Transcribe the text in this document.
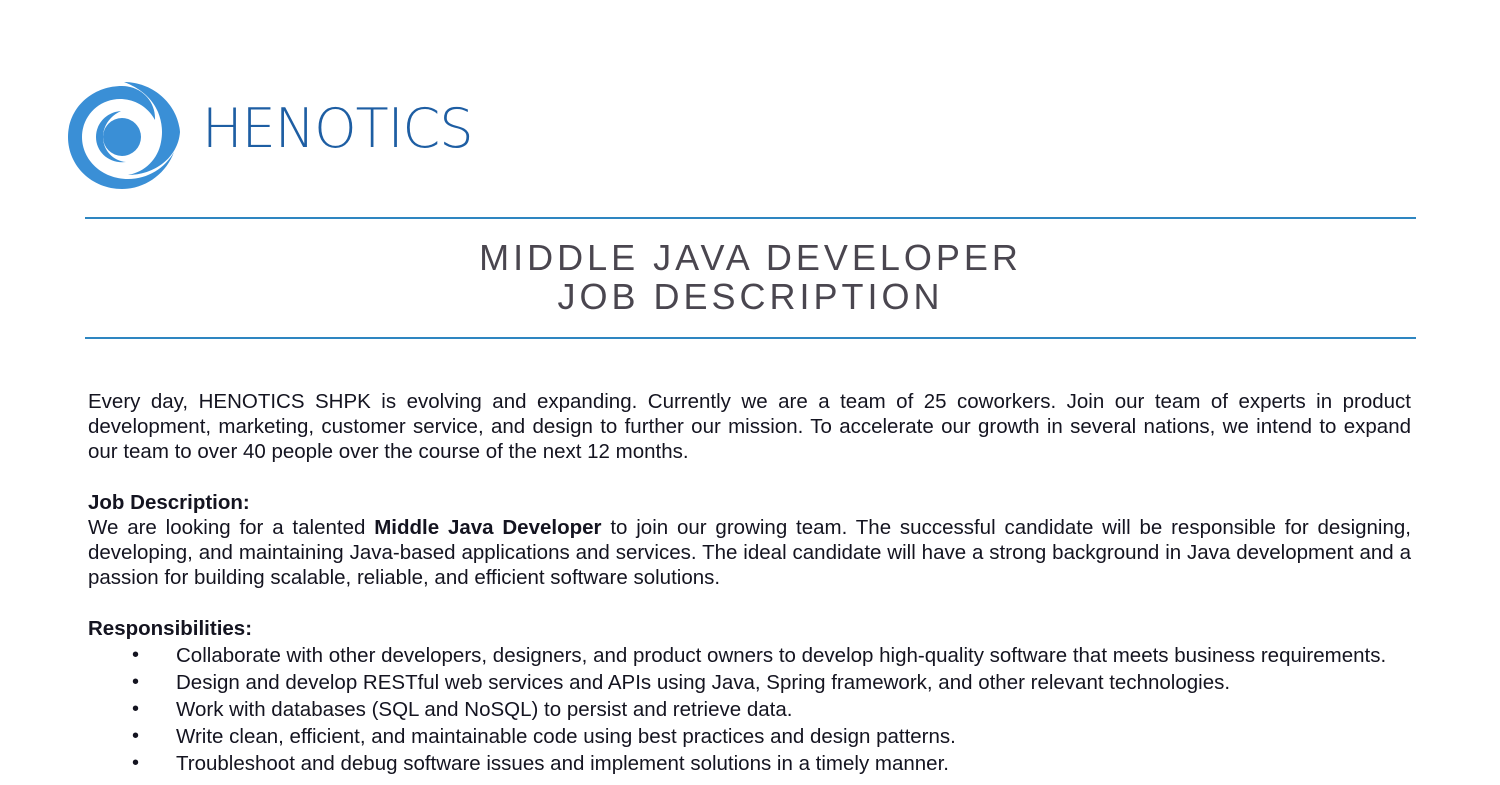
HENOTICS
MIDDLE JAVA DEVELOPER
JOB DESCRIPTION

Every day, HENOTICS SHPK is evolving and expanding. Currently we are a team of 25 coworkers. Join our team of experts in product development, marketing, customer service, and design to further our mission. To accelerate our growth in several nations, we intend to expand our team to over 40 people over the course of the next 12 months.

Job Description:

We are looking for a talented Middle Java Developer to join our growing team. The successful candidate will be responsible for designing, developing, and maintaining Java-based applications and services. The ideal candidate will have a strong background in Java development and a passion for building scalable, reliable, and efficient software solutions.

Responsibilities:

• Collaborate with other developers, designers, and product owners to develop high-quality software that meets business requirements.
• Design and develop RESTful web services and APIs using Java, Spring framework, and other relevant technologies.
• Work with databases (SQL and NoSQL) to persist and retrieve data.
• Write clean, efficient, and maintainable code using best practices and design patterns.
• Troubleshoot and debug software issues and implement solutions in a timely manner.
